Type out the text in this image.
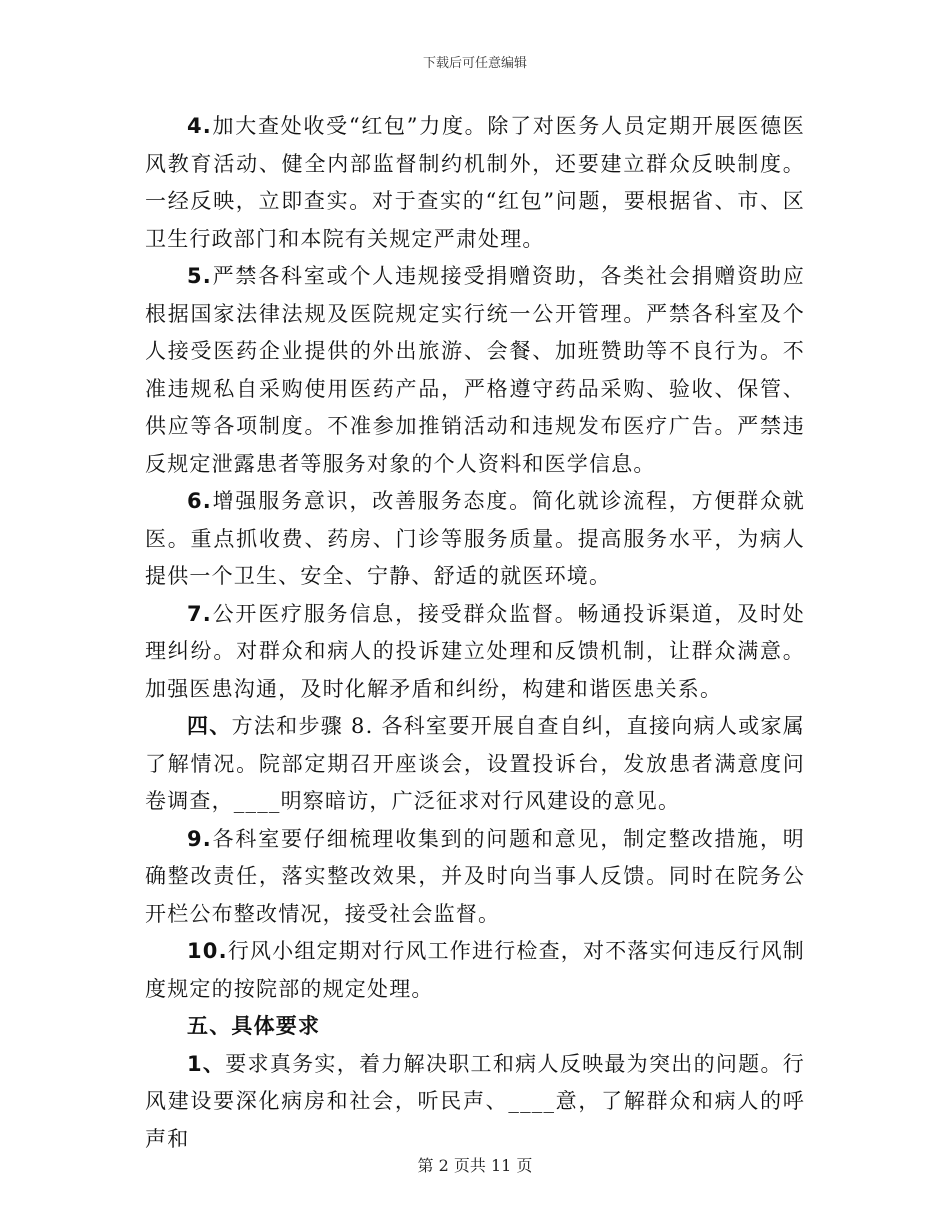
下载后可任意编辑

4.加大查处收受“红包”力度。除了对医务人员定期开展医德医风教育活动、健全内部监督制约机制外，还要建立群众反映制度。一经反映，立即查实。对于查实的“红包”问题，要根据省、市、区卫生行政部门和本院有关规定严肃处理。

5.严禁各科室或个人违规接受捐赠资助，各类社会捐赠资助应根据国家法律法规及医院规定实行统一公开管理。严禁各科室及个人接受医药企业提供的外出旅游、会餐、加班赞助等不良行为。不准违规私自采购使用医药产品，严格遵守药品采购、验收、保管、供应等各项制度。不准参加推销活动和违规发布医疗广告。严禁违反规定泄露患者等服务对象的个人资料和医学信息。

6.增强服务意识，改善服务态度。简化就诊流程，方便群众就医。重点抓收费、药房、门诊等服务质量。提高服务水平，为病人提供一个卫生、安全、宁静、舒适的就医环境。

7.公开医疗服务信息，接受群众监督。畅通投诉渠道，及时处理纠纷。对群众和病人的投诉建立处理和反馈机制，让群众满意。加强医患沟通，及时化解矛盾和纠纷，构建和谐医患关系。

四、方法和步骤 8. 各科室要开展自查自纠，直接向病人或家属了解情况。院部定期召开座谈会，设置投诉台，发放患者满意度问卷调查，____明察暗访，广泛征求对行风建设的意见。

9.各科室要仔细梳理收集到的问题和意见，制定整改措施，明确整改责任，落实整改效果，并及时向当事人反馈。同时在院务公开栏公布整改情况，接受社会监督。

10.行风小组定期对行风工作进行检查，对不落实何违反行风制度规定的按院部的规定处理。

五、具体要求

1、要求真务实，着力解决职工和病人反映最为突出的问题。行风建设要深化病房和社会，听民声、____意，了解群众和病人的呼声和

第 2 页共 11 页
